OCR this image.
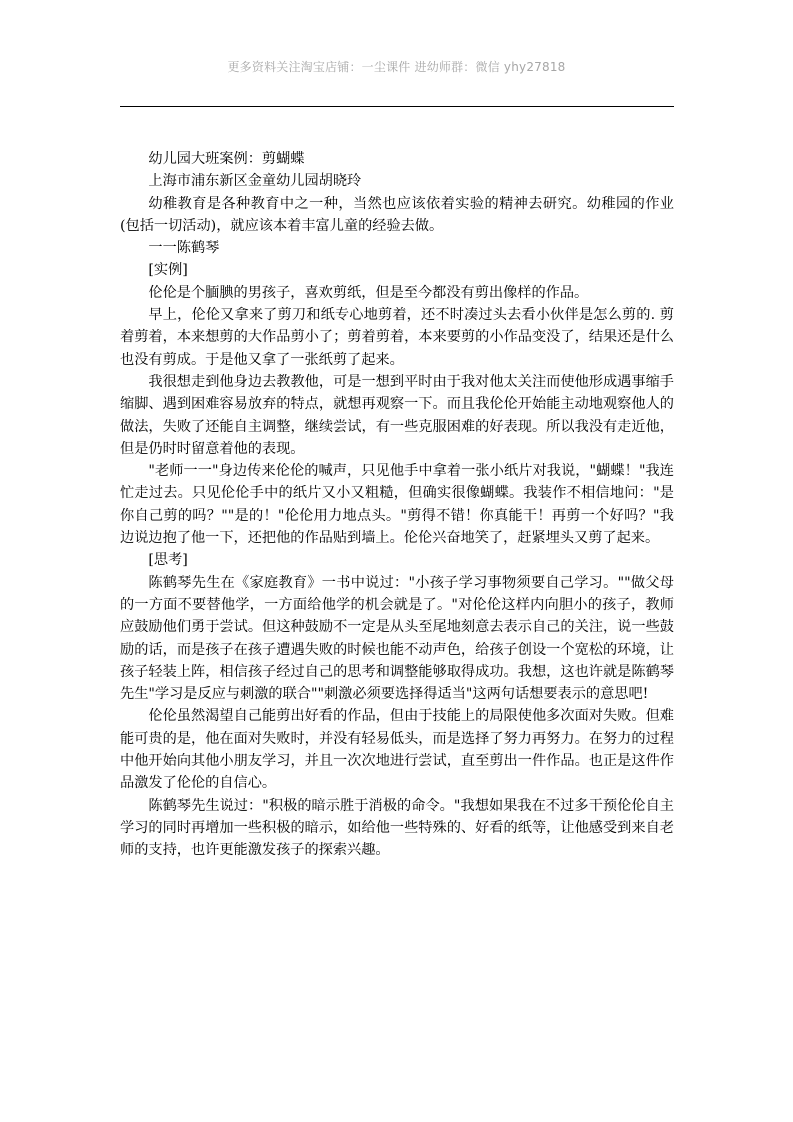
更多资料关注淘宝店铺：一尘课件 进幼师群：微信 yhy27818

幼儿园大班案例：剪蝴蝶

上海市浦东新区金童幼儿园胡晓玲

幼稚教育是各种教育中之一种，当然也应该依着实验的精神去研究。幼稚园的作业(包括一切活动)，就应该本着丰富儿童的经验去做。

一一陈鹤琴

[实例]

伦伦是个腼腆的男孩子，喜欢剪纸，但是至今都没有剪出像样的作品。

早上，伦伦又拿来了剪刀和纸专心地剪着，还不时凑过头去看小伙伴是怎么剪的. 剪着剪着，本来想剪的大作品剪小了；剪着剪着，本来要剪的小作品变没了，结果还是什么也没有剪成。于是他又拿了一张纸剪了起来。

我很想走到他身边去教教他，可是一想到平时由于我对他太关注而使他形成遇事缩手缩脚、遇到困难容易放弃的特点，就想再观察一下。而且我伦伦开始能主动地观察他人的做法，失败了还能自主调整，继续尝试，有一些克服困难的好表现。所以我没有走近他，但是仍时时留意着他的表现。

"老师一一"身边传来伦伦的喊声，只见他手中拿着一张小纸片对我说，"蝴蝶！"我连忙走过去。只见伦伦手中的纸片又小又粗糙，但确实很像蝴蝶。我装作不相信地问："是你自己剪的吗？""是的！"伦伦用力地点头。"剪得不错！你真能干！再剪一个好吗？"我边说边抱了他一下，还把他的作品贴到墙上。伦伦兴奋地笑了，赶紧埋头又剪了起来。

[思考]

陈鹤琴先生在《家庭教育》一书中说过："小孩子学习事物须要自己学习。""做父母的一方面不要替他学，一方面给他学的机会就是了。"对伦伦这样内向胆小的孩子，教师应鼓励他们勇于尝试。但这种鼓励不一定是从头至尾地刻意去表示自己的关注，说一些鼓励的话，而是孩子在孩子遭遇失败的时候也能不动声色，给孩子创设一个宽松的环境，让孩子轻装上阵，相信孩子经过自己的思考和调整能够取得成功。我想，这也许就是陈鹤琴先生"学习是反应与刺激的联合""刺激必须要选择得适当"这两句话想要表示的意思吧!

伦伦虽然渴望自己能剪出好看的作品，但由于技能上的局限使他多次面对失败。但难能可贵的是，他在面对失败时，并没有轻易低头，而是选择了努力再努力。在努力的过程中他开始向其他小朋友学习，并且一次次地进行尝试，直至剪出一件作品。也正是这件作品激发了伦伦的自信心。

陈鹤琴先生说过："积极的暗示胜于消极的命令。"我想如果我在不过多干预伦伦自主学习的同时再增加一些积极的暗示，如给他一些特殊的、好看的纸等，让他感受到来自老师的支持，也许更能激发孩子的探索兴趣。
